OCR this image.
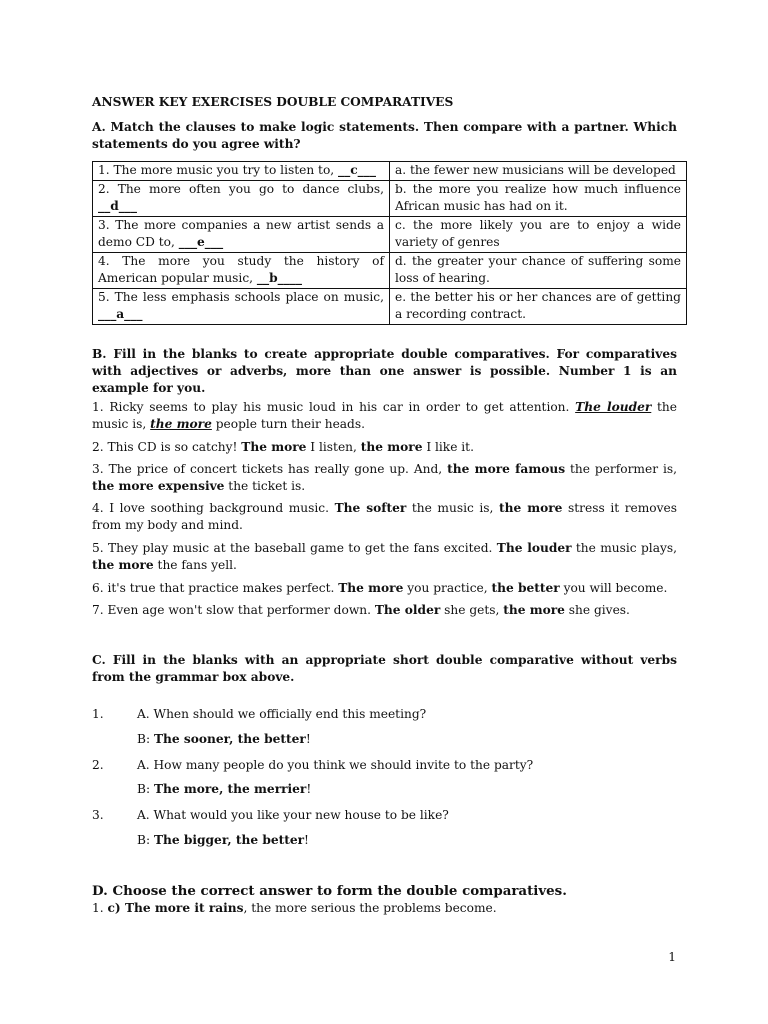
ANSWER KEY EXERCISES DOUBLE COMPARATIVES
A. Match the clauses to make logic statements. Then compare with a partner. Which statements do you agree with?
1. The more music you try to listen to, __c___	a. the fewer new musicians will be developed
2. The more often you go to dance clubs, __d___	b. the more you realize how much influence African music has had on it.
3. The more companies a new artist sends a demo CD to, ___e___	c. the more likely you are to enjoy a wide variety of genres
4. The more you study the history of American popular music, __b____	d. the greater your chance of suffering some loss of hearing.
5. The less emphasis schools place on music, ___a___	e. the better his or her chances are of getting a recording contract.
B. Fill in the blanks to create appropriate double comparatives. For comparatives with adjectives or adverbs, more than one answer is possible. Number 1 is an example for you.
1. Ricky seems to play his music loud in his car in order to get attention. The louder the music is, the more people turn their heads.
2. This CD is so catchy! The more I listen, the more I like it.
3. The price of concert tickets has really gone up. And, the more famous the performer is, the more expensive the ticket is.
4. I love soothing background music. The softer the music is, the more stress it removes from my body and mind.
5. They play music at the baseball game to get the fans excited. The louder the music plays, the more the fans yell.
6. it's true that practice makes perfect. The more you practice, the better you will become.
7. Even age won't slow that performer down. The older she gets, the more she gives.
C. Fill in the blanks with an appropriate short double comparative without verbs from the grammar box above.
1.	A. When should we officially end this meeting?
B: The sooner, the better!
2.	A. How many people do you think we should invite to the party?
B: The more, the merrier!
3.	A. What would you like your new house to be like?
B: The bigger, the better!
D. Choose the correct answer to form the double comparatives.
1. c) The more it rains, the more serious the problems become.
1
